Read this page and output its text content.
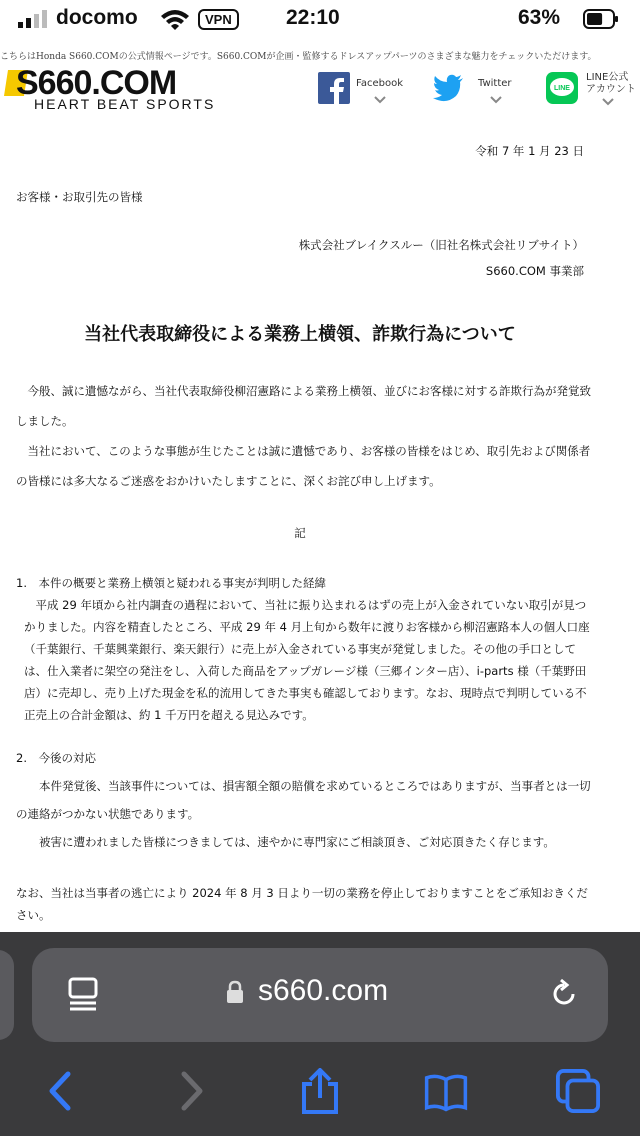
docomo	VPN	22:10	63%
こちらはHonda S660.COMの公式情報ページです。S660.COMが企画・監修するドレスアップパーツのさまざまな魅力をチェックいただけます。
S660.COM
HEART BEAT SPORTS
Facebook	Twitter	LINE
LINE公式
アカウント

令和 7 年 1 月 23 日

お客様・お取引先の皆様

株式会社ブレイクスルー（旧社名株式会社リブサイト）

S660.COM 事業部

当社代表取締役による業務上横領、詐欺行為について

　今般、誠に遺憾ながら、当社代表取締役柳沼憲路による業務上横領、並びにお客様に対する詐欺行為が発覚致しました。

　当社において、このような事態が生じたことは誠に遺憾であり、お客様の皆様をはじめ、取引先および関係者の皆様には多大なるご迷惑をおかけいたしますことに、深くお詫び申し上げます。

記

1.　本件の概要と業務上横領と疑われる事実が判明した経緯

　平成 29 年頃から社内調査の過程において、当社に振り込まれるはずの売上が入金されていない取引が見つかりました。内容を精査したところ、平成 29 年 4 月上旬から数年に渡りお客様から柳沼憲路本人の個人口座（千葉銀行、千葉興業銀行、楽天銀行）に売上が入金されている事実が発覚しました。その他の手口としては、仕入業者に架空の発注をし、入荷した商品をアップガレージ様（三郷インター店）、i-parts 様（千葉野田店）に売却し、売り上げた現金を私的流用してきた事実も確認しております。なお、現時点で判明している不正売上の合計金額は、約 1 千万円を超える見込みです。

2.　今後の対応

　　本件発覚後、当該事件については、損害額全額の賠償を求めているところではありますが、当事者とは一切の連絡がつかない状態であります。

　　被害に遭われました皆様につきましては、速やかに専門家にご相談頂き、ご対応頂きたく存じます。

なお、当社は当事者の逃亡により 2024 年 8 月 3 日より一切の業務を停止しておりますことをご承知おきください。

s660.com
